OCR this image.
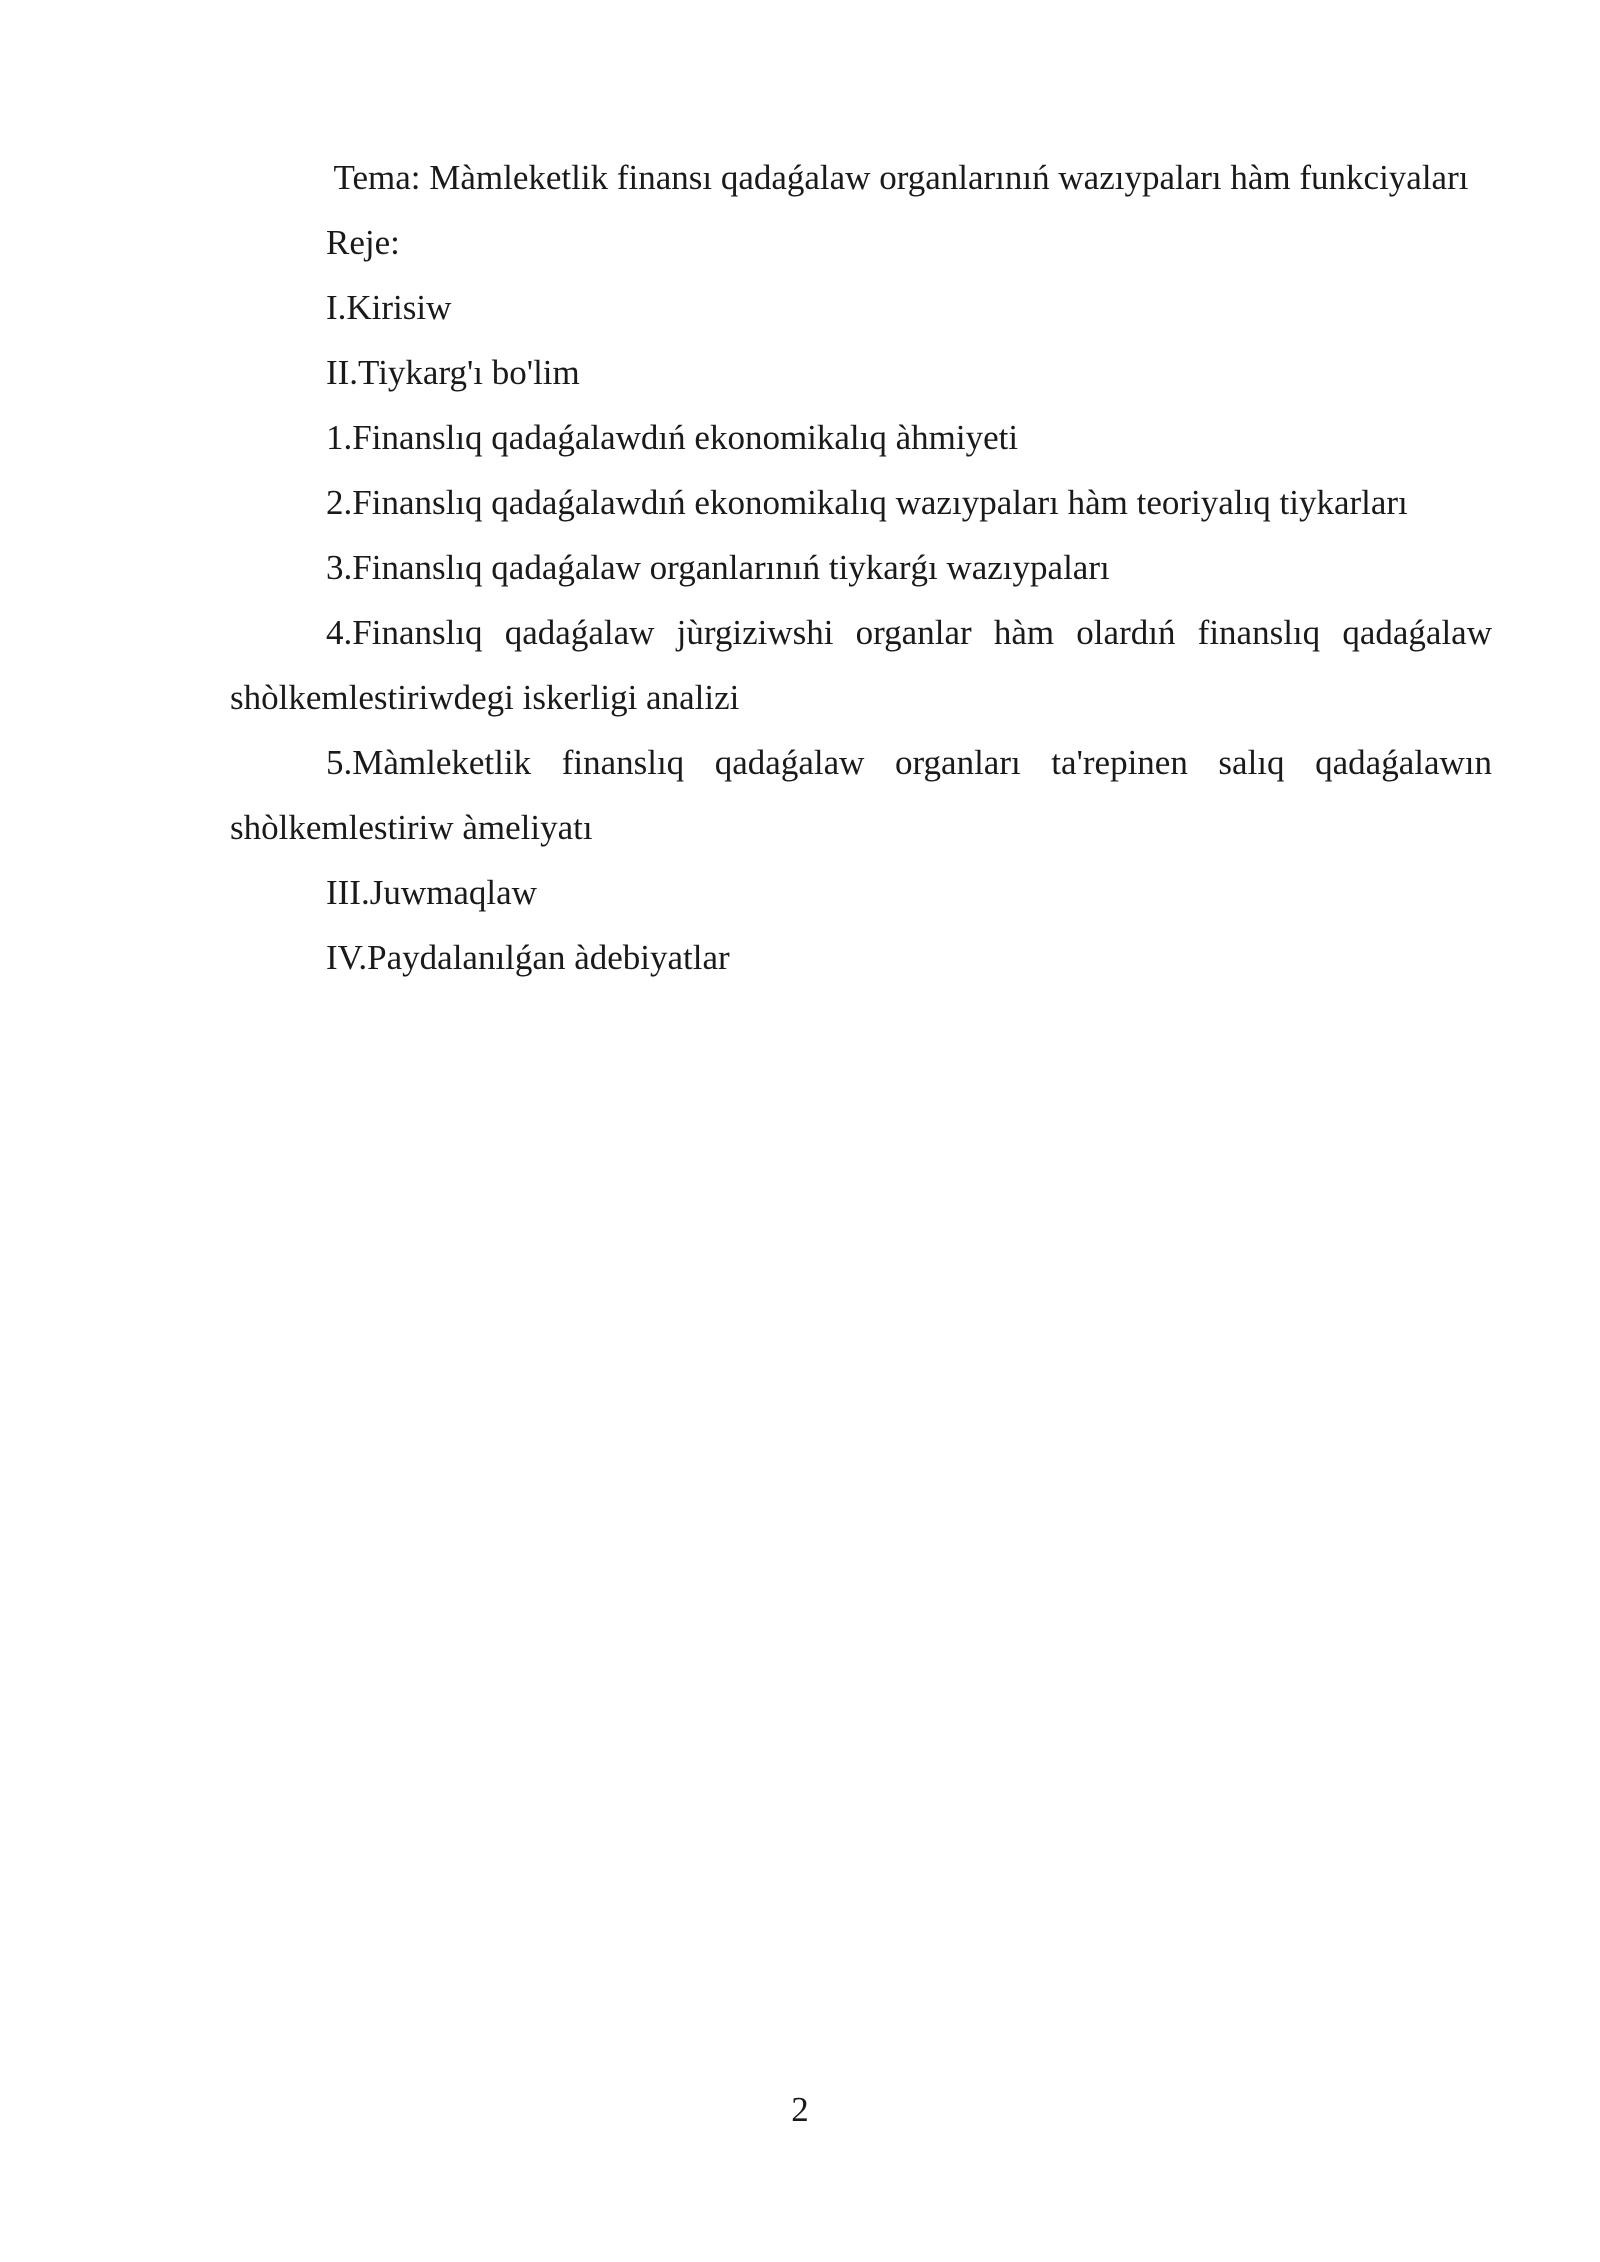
Tema: Màmleketlik finansı qadaǵalaw organlarınıń wazıypaları hàm funkciyaları

Reje:

I.Kirisiw

II.Tiykarg'ı bo'lim

1.Finanslıq qadaǵalawdıń ekonomikalıq àhmiyeti

2.Finanslıq qadaǵalawdıń ekonomikalıq wazıypaları hàm teoriyalıq tiykarları

3.Finanslıq qadaǵalaw organlarınıń tiykarǵı wazıypaları

4.Finanslıq qadaǵalaw jùrgiziwshi organlar hàm olardıń finanslıq qadaǵalaw shòlkemlestiriwdegi iskerligi analizi

5.Màmleketlik finanslıq qadaǵalaw organları ta'repinen salıq qadaǵalawın shòlkemlestiriw àmeliyatı

III.Juwmaqlaw

IV.Paydalanılǵan àdebiyatlar

2
